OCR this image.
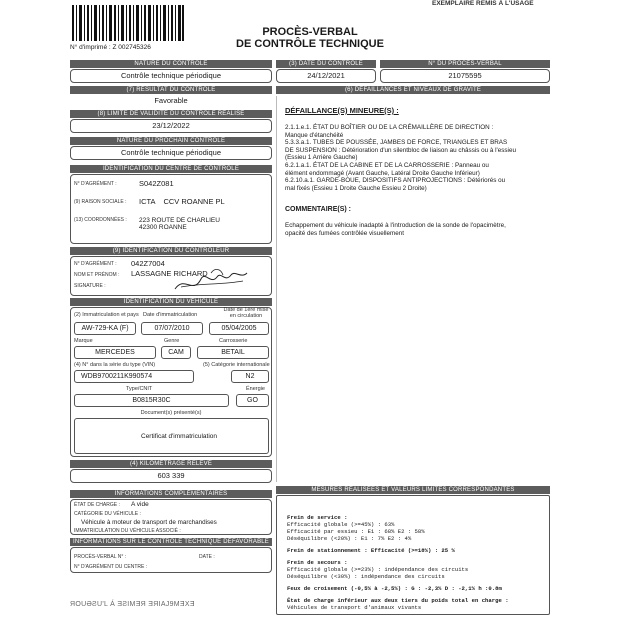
EXEMPLAIRE REMIS À L'USAGE
N° d'imprimé : Z 002745326
PROCÈS-VERBAL
DE CONTRÔLE TECHNIQUE
NATURE DU CONTROLE
Contrôle technique périodique
(3) DATE DU CONTROLE
24/12/2021
N° DU PROCÈS-VERBAL
21075595
(7) RÉSULTAT DU CONTROLE
Favorable
(8) LIMITE DE VALIDITÉ DU CONTROLE RÉALISÉ
23/12/2022
NATURE DU PROCHAIN CONTROLE
Contrôle technique périodique
IDENTIFICATION DU CENTRE DE CONTROLE
N° D'AGRÉMENT :	S042Z081
(9) RAISON SOCIALE : ICTA    CCV ROANNE PL
(13) COORDONNÉES : 223 ROUTE DE CHARLIEU
42300 ROANNE
(9) IDENTIFICATION DU CONTRÔLEUR
N° D'AGRÉMENT : 042Z7004
NOM ET PRÉNOM : LASSAGNE RICHARD
SIGNATURE :
IDENTIFICATION DU VÉHICULE
(2) Immatriculation et pays Date d'immatriculation
Date de 1ère mise en circulation
AW-729-KA (F)	07/07/2010	05/04/2005
Marque	Genre	Carrosserie
MERCEDES	CAM	BETAIL
(4) N° dans la série du type (VIN)	(5) Catégorie internationale
WDB9700211K990574	N2
Type/CNIT	Énergie
B0815R30C	GO
Document(s) présenté(s)
Certificat d'immatriculation
(4) KILOMÉTRAGE RELEVÉ
603 339
INFORMATIONS COMPLÉMENTAIRES
ÉTAT DE CHARGE : A vide
CATÉGORIE DU VÉHICULE :
Véhicule à moteur de transport de marchandises
IMMATRICULATION DU VÉHICULE ASSOCIÉ :
INFORMATIONS SUR LE CONTRÔLE TECHNIQUE DÉFAVORABLE
PROCÈS-VERBAL N° :	DATE :
N° D'AGRÉMENT DU CENTRE :
ЯOUƏƧU'L Á ƎƧIMƎЯ ƎЯIAJ9MƎXƎ
(6) DÉFAILLANCES ET NIVEAUX DE GRAVITÉ
DÉFAILLANCE(S) MINEURE(S) :
2.1.1.e.1. ÉTAT DU BOÎTIER OU DE LA CRÉMAILLÈRE DE DIRECTION :
Manque d'étanchéité
5.3.3.a.1. TUBES DE POUSSÉE, JAMBES DE FORCE, TRIANGLES ET BRAS
DE SUSPENSION : Détérioration d'un silentbloc de liaison au châssis ou à l'essieu
(Essieu 1 Arrière Gauche)
6.2.1.a.1. ÉTAT DE LA CABINE ET DE LA CARROSSERIE : Panneau ou
élément endommagé (Avant Gauche, Latéral Droite Gauche Inférieur)
6.2.10.a.1. GARDE-BOUE, DISPOSITIFS ANTIPROJECTIONS : Détériorés ou
mal fixés (Essieu 1 Droite Gauche Essieu 2 Droite)
COMMENTAIRE(S) :
Echappement du véhicule inadapté à l'introduction de la sonde de l'opacimètre,
opacité des fumées contrôlée visuellement
MESURES RÉALISÉES ET VALEURS LIMITES CORRESPONDANTES
Frein de service :
Efficacité globale (>=45%) : 63%
Efficacité par essieu : E1 : 68% E2 : 58%
Déséquilibre (<20%) : E1 : 7% E2 : 4%
Frein de stationnement : Efficacité (>=18%) : 25 %
Frein de secours :
Efficacité globale (>=23%) : indépendance des circuits
Déséquilibre (<30%) : indépendance des circuits
Feux de croisement (-0,5% à -2,5%) : G : -2,3% D : -2,1% h :0.8m
État de charge inférieur aux deux tiers du poids total en charge :
Véhicules de transport d'animaux vivants
